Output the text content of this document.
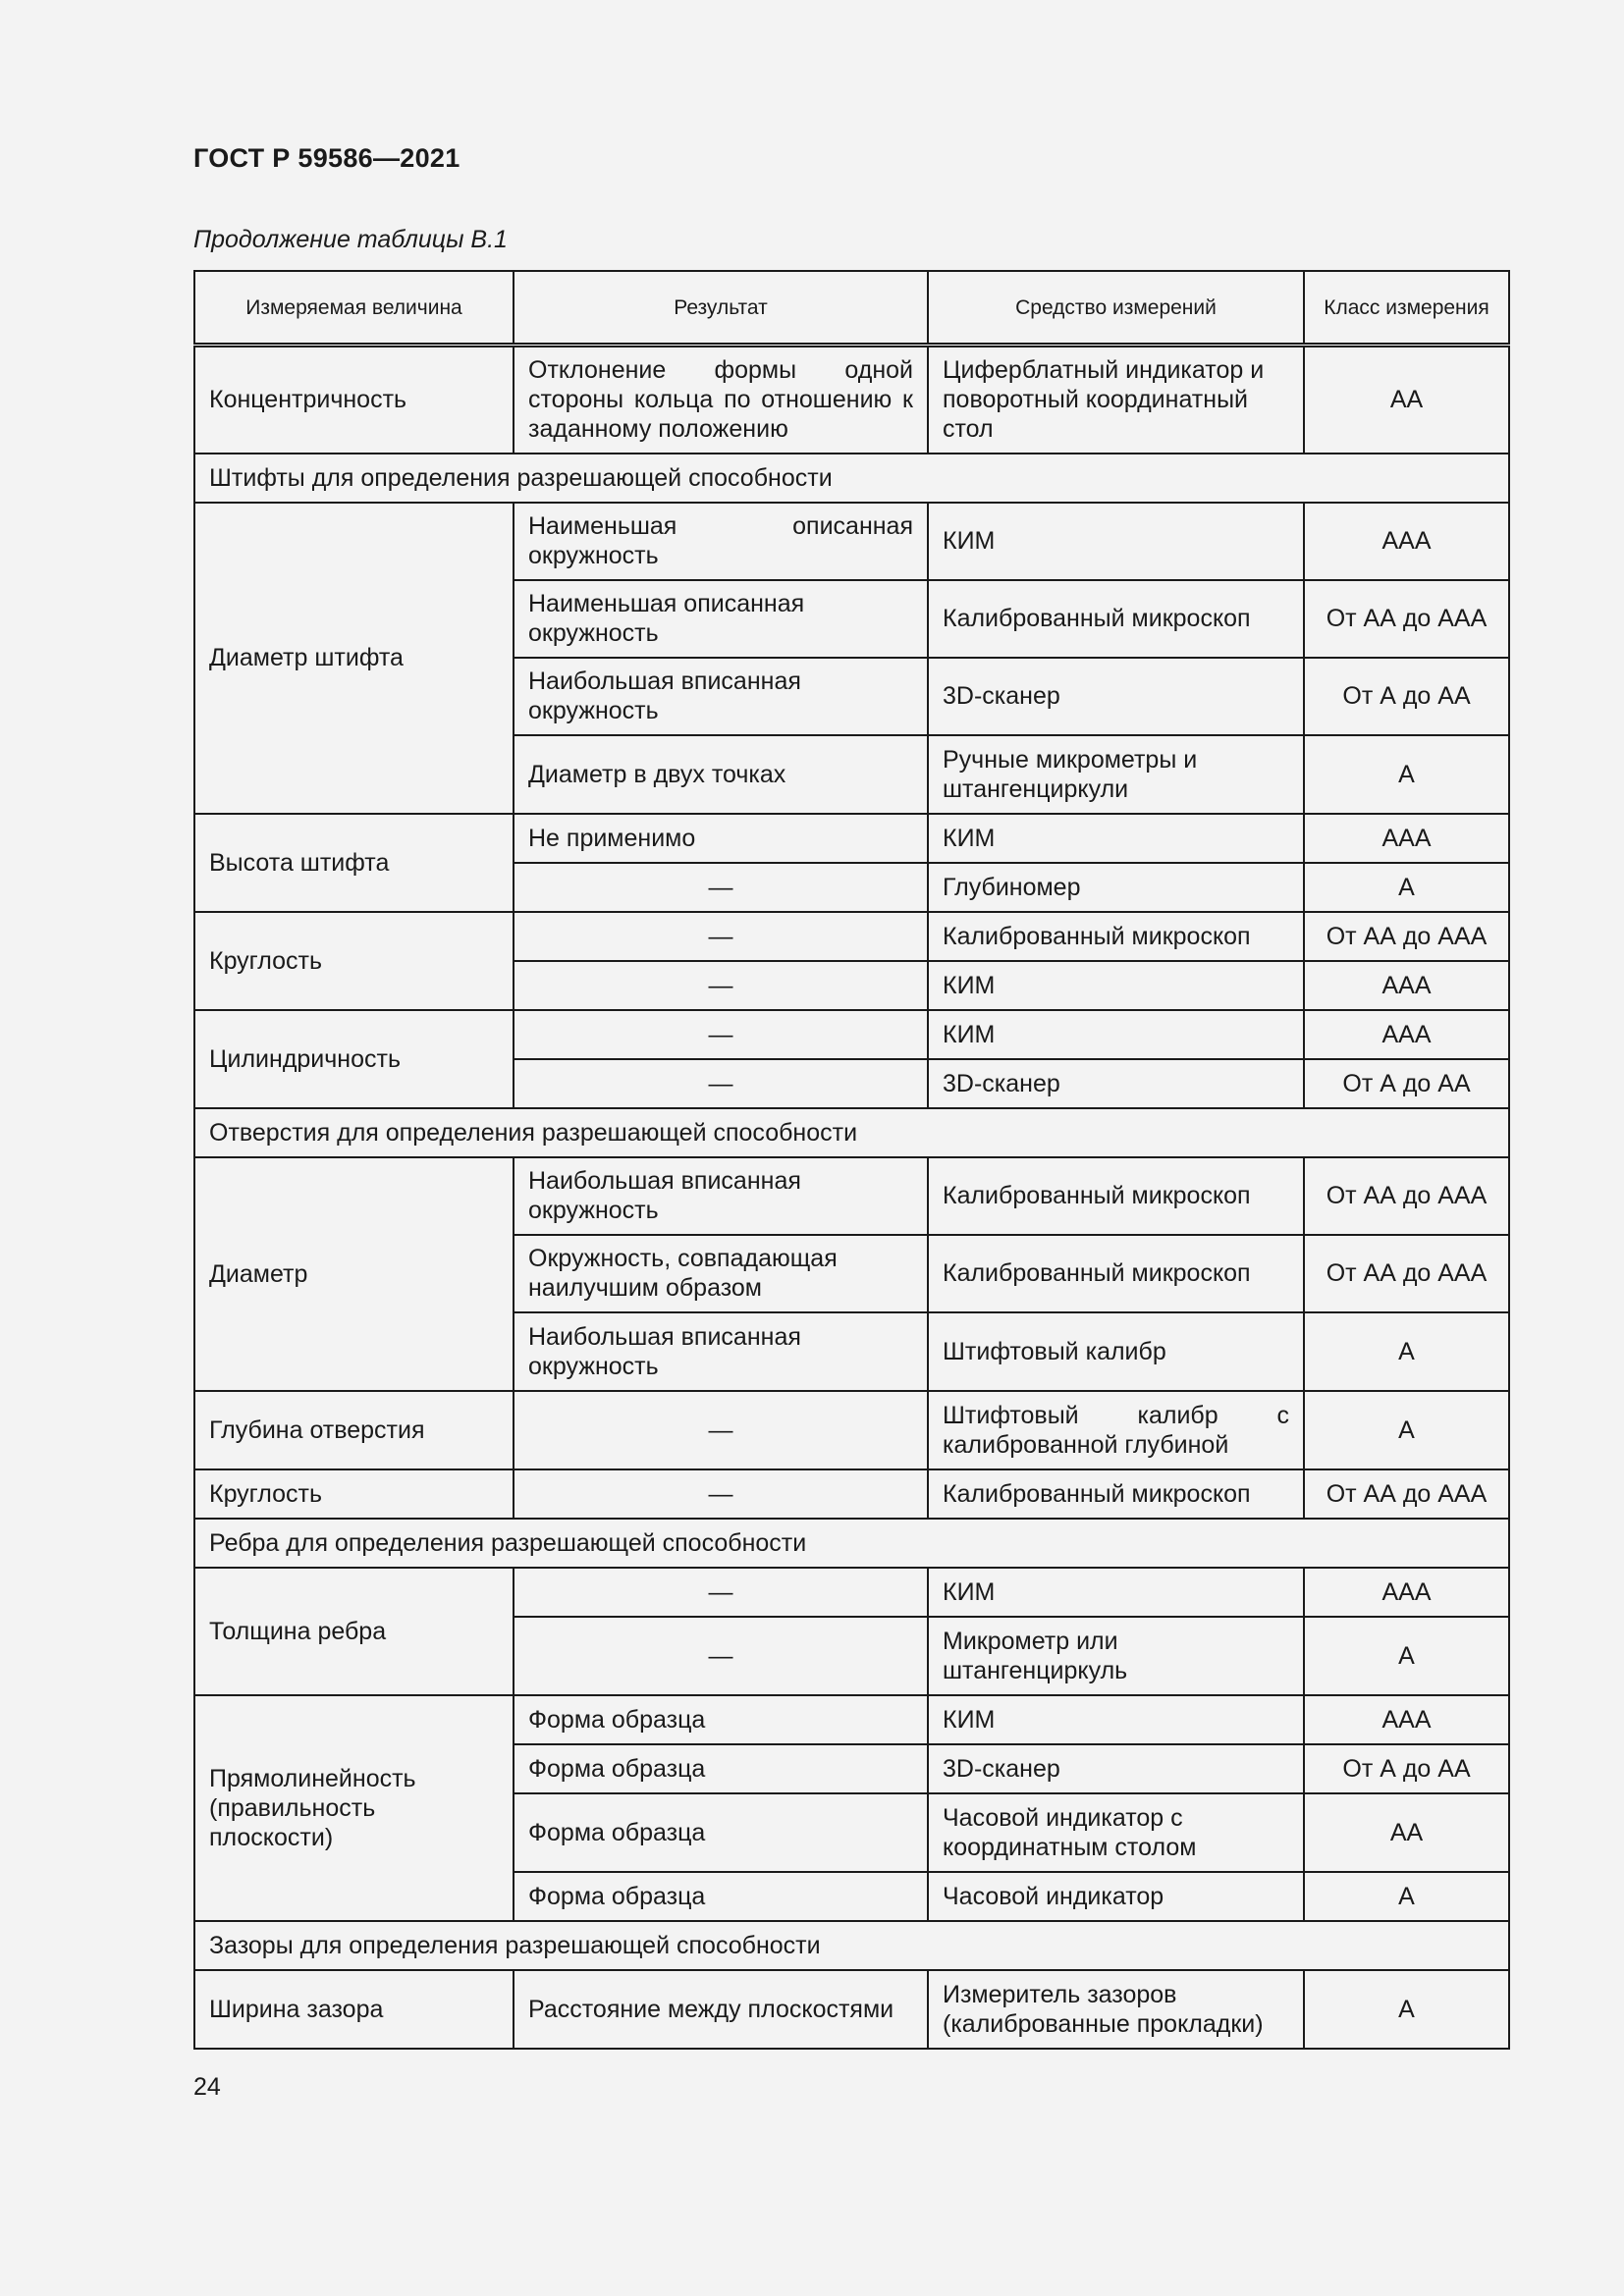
ГОСТ Р 59586—2021
Продолжение таблицы В.1
Измеряемая величина	Результат	Средство измерений	Класс измерения
Концентричность	Отклонение формы одной стороны кольца по отношению к заданному положению	Циферблатный индикатор и поворотный координатный стол	AA
Штифты для определения разрешающей способности			
Диаметр штифта	Наименьшая описанная окружность	КИМ	AAA
	Наименьшая описанная окружность	Калиброванный микроскоп	От АА до ААА
	Наибольшая вписанная окружность	3D-сканер	От А до АА
	Диаметр в двух точках	Ручные микрометры и штангенциркули	А
Высота штифта	Не применимо	КИМ	ААА
	—	Глубиномер	А
Круглость	—	Калиброванный микроскоп	От АА до ААА
	—	КИМ	ААА
Цилиндричность	—	КИМ	ААА
	—	3D-сканер	От А до АА
Отверстия для определения разрешающей способности			
Диаметр	Наибольшая вписанная окружность	Калиброванный микроскоп	От АА до ААА
	Окружность, совпадающая наилучшим образом	Калиброванный микроскоп	От АА до ААА
	Наибольшая вписанная окружность	Штифтовый калибр	А
Глубина отверстия	—	Штифтовый калибр с калиброванной глубиной	А
Круглость	—	Калиброванный микроскоп	От АА до ААА
Ребра для определения разрешающей способности			
Толщина ребра	—	КИМ	ААА
	—	Микрометр или штангенциркуль	А
Прямолинейность (правильность плоскости)	Форма образца	КИМ	ААА
	Форма образца	3D-сканер	От А до АА
	Форма образца	Часовой индикатор с координатным столом	АА
	Форма образца	Часовой индикатор	А
Зазоры для определения разрешающей способности			
Ширина зазора	Расстояние между плоскостями	Измеритель зазоров (калиброванные прокладки)	А
24
